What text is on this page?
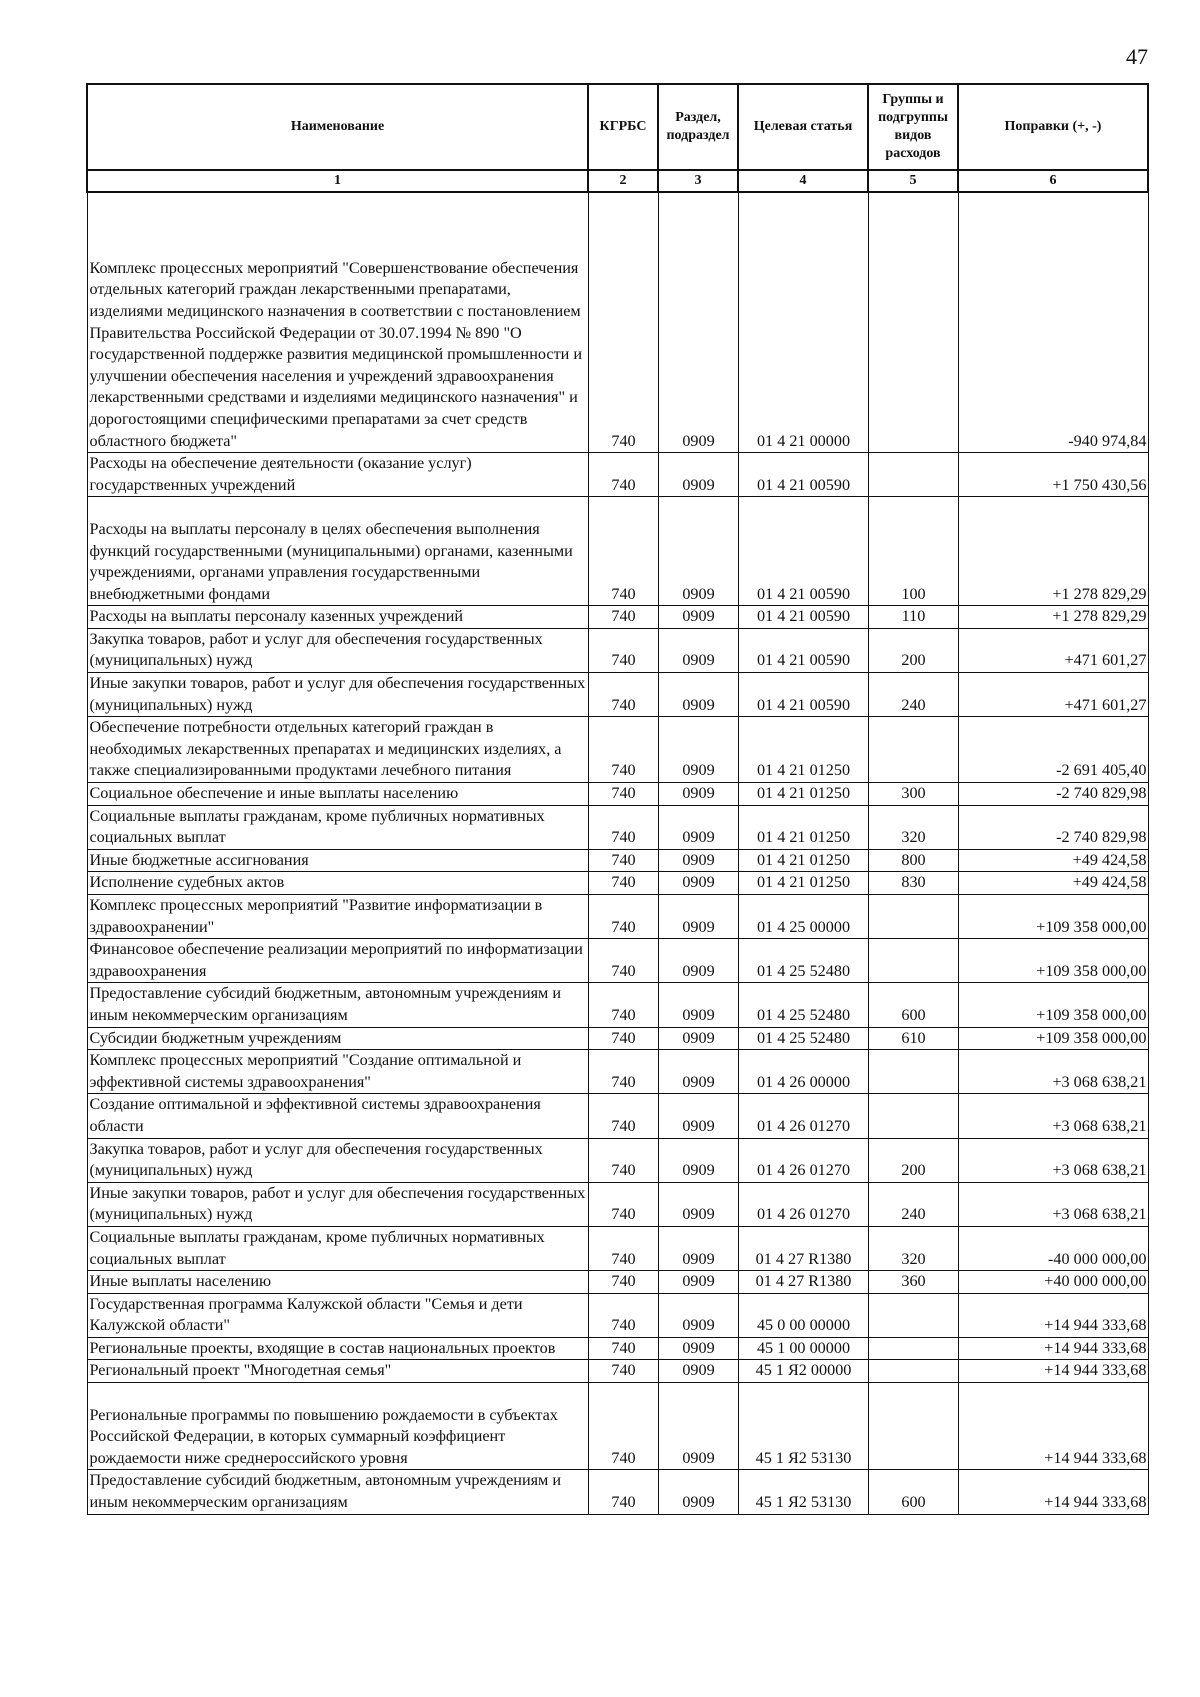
47
Наименование	КГРБС	Раздел, подраздел	Целевая статья	Группы и подгруппы видов расходов	Поправки (+, -)
1	2	3	4	5	6
Комплекс процессных мероприятий "Совершенствование обеспечения отдельных категорий граждан лекарственными препаратами, изделиями медицинского назначения в соответствии с постановлением Правительства Российской Федерации от 30.07.1994 № 890 "О государственной поддержке развития медицинской промышленности и улучшении обеспечения населения и учреждений здравоохранения лекарственными средствами и изделиями медицинского назначения" и дорогостоящими специфическими препаратами за счет средств областного бюджета"	740	0909	01 4 21 00000		-940 974,84
Расходы на обеспечение деятельности (оказание услуг) государственных учреждений	740	0909	01 4 21 00590		+1 750 430,56
Расходы на выплаты персоналу в целях обеспечения выполнения функций государственными (муниципальными) органами, казенными учреждениями, органами управления государственными внебюджетными фондами	740	0909	01 4 21 00590	100	+1 278 829,29
Расходы на выплаты персоналу казенных учреждений	740	0909	01 4 21 00590	110	+1 278 829,29
Закупка товаров, работ и услуг для обеспечения государственных (муниципальных) нужд	740	0909	01 4 21 00590	200	+471 601,27
Иные закупки товаров, работ и услуг для обеспечения государственных (муниципальных) нужд	740	0909	01 4 21 00590	240	+471 601,27
Обеспечение потребности отдельных категорий граждан в необходимых лекарственных препаратах и медицинских изделиях, а также специализированными продуктами лечебного питания	740	0909	01 4 21 01250		-2 691 405,40
Социальное обеспечение и иные выплаты населению	740	0909	01 4 21 01250	300	-2 740 829,98
Социальные выплаты гражданам, кроме публичных нормативных социальных выплат	740	0909	01 4 21 01250	320	-2 740 829,98
Иные бюджетные ассигнования	740	0909	01 4 21 01250	800	+49 424,58
Исполнение судебных актов	740	0909	01 4 21 01250	830	+49 424,58
Комплекс процессных мероприятий "Развитие информатизации в здравоохранении"	740	0909	01 4 25 00000		+109 358 000,00
Финансовое обеспечение реализации мероприятий по информатизации здравоохранения	740	0909	01 4 25 52480		+109 358 000,00
Предоставление субсидий бюджетным, автономным учреждениям и иным некоммерческим организациям	740	0909	01 4 25 52480	600	+109 358 000,00
Субсидии бюджетным учреждениям	740	0909	01 4 25 52480	610	+109 358 000,00
Комплекс процессных мероприятий "Создание оптимальной и эффективной системы здравоохранения"	740	0909	01 4 26 00000		+3 068 638,21
Создание оптимальной и эффективной системы здравоохранения области	740	0909	01 4 26 01270		+3 068 638,21
Закупка товаров, работ и услуг для обеспечения государственных (муниципальных) нужд	740	0909	01 4 26 01270	200	+3 068 638,21
Иные закупки товаров, работ и услуг для обеспечения государственных (муниципальных) нужд	740	0909	01 4 26 01270	240	+3 068 638,21
Социальные выплаты гражданам, кроме публичных нормативных социальных выплат	740	0909	01 4 27 R1380	320	-40 000 000,00
Иные выплаты населению	740	0909	01 4 27 R1380	360	+40 000 000,00
Государственная программа Калужской области "Семья и дети Калужской области"	740	0909	45 0 00 00000		+14 944 333,68
Региональные проекты, входящие в состав национальных проектов	740	0909	45 1 00 00000		+14 944 333,68
Региональный проект "Многодетная семья"	740	0909	45 1 Я2 00000		+14 944 333,68
Региональные программы по повышению рождаемости в субъектах Российской Федерации, в которых суммарный коэффициент рождаемости ниже среднероссийского уровня	740	0909	45 1 Я2 53130		+14 944 333,68
Предоставление субсидий бюджетным, автономным учреждениям и иным некоммерческим организациям	740	0909	45 1 Я2 53130	600	+14 944 333,68
